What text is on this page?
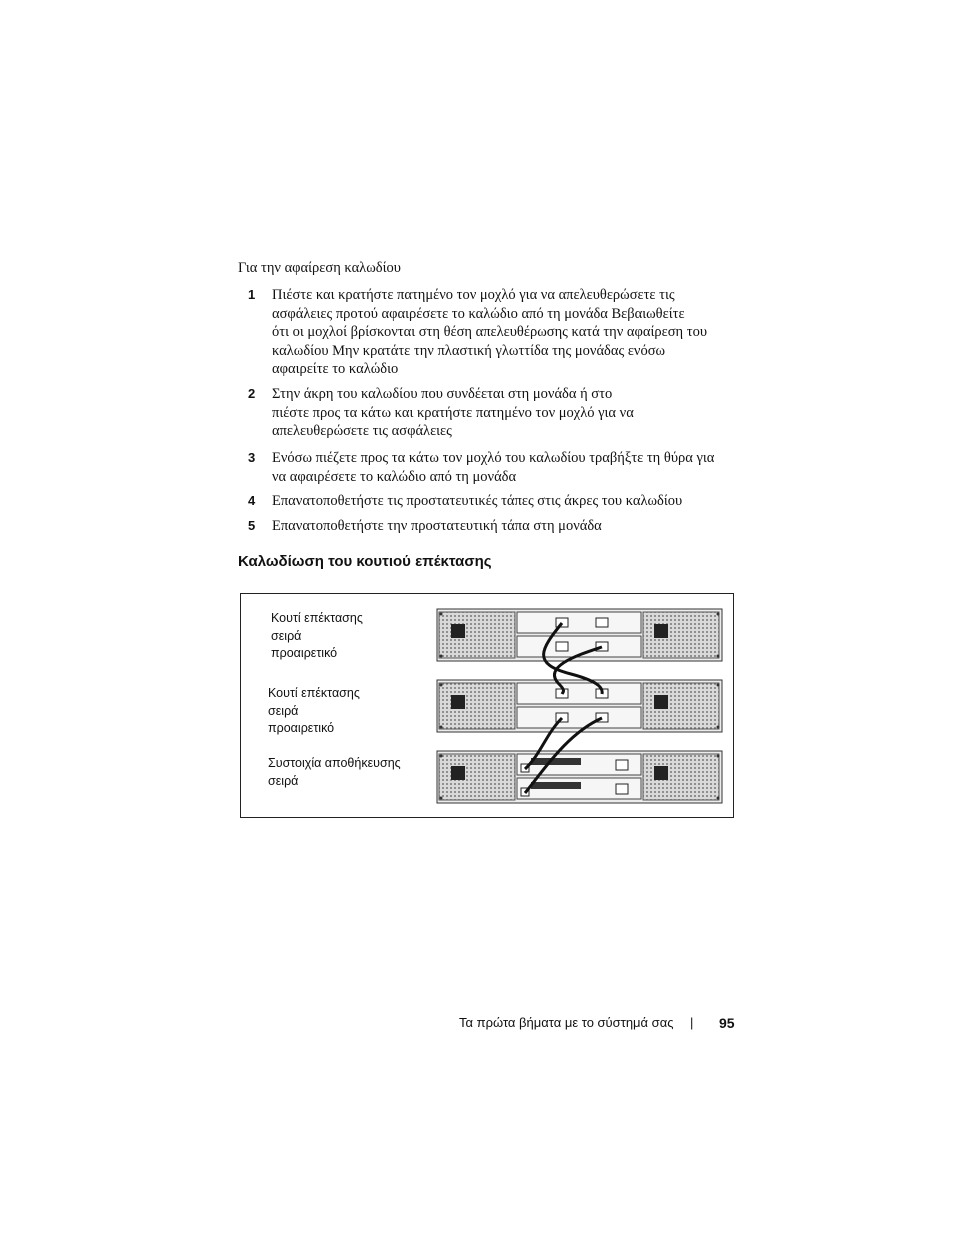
Για την αφαίρεση καλωδίου
1	Πιέστε και κρατήστε πατημένο τον μοχλό για να απελευθερώσετε τις
ασφάλειες προτού αφαιρέσετε το καλώδιο από τη μονάδα Βεβαιωθείτε
ότι οι μοχλοί βρίσκονται στη θέση απελευθέρωσης κατά την αφαίρεση του
καλωδίου Μην κρατάτε την πλαστική γλωττίδα της μονάδας ενόσω
αφαιρείτε το καλώδιο
2	Στην άκρη του καλωδίου που συνδέεται στη μονάδα ή στο
πιέστε προς τα κάτω και κρατήστε πατημένο τον μοχλό για να
απελευθερώσετε τις ασφάλειες
3	Ενόσω πιέζετε προς τα κάτω τον μοχλό του καλωδίου τραβήξτε τη θύρα για
να αφαιρέσετε το καλώδιο από τη μονάδα
4	Επανατοποθετήστε τις προστατευτικές τάπες στις άκρες του καλωδίου
5	Επανατοποθετήστε την προστατευτική τάπα στη μονάδα
Καλωδίωση του κουτιού επέκτασης
Κουτί επέκτασης
σειρά
προαιρετικό
Κουτί επέκτασης
σειρά
προαιρετικό
Συστοιχία αποθήκευσης
σειρά
Τα πρώτα βήματα με το σύστημά σας | 95
